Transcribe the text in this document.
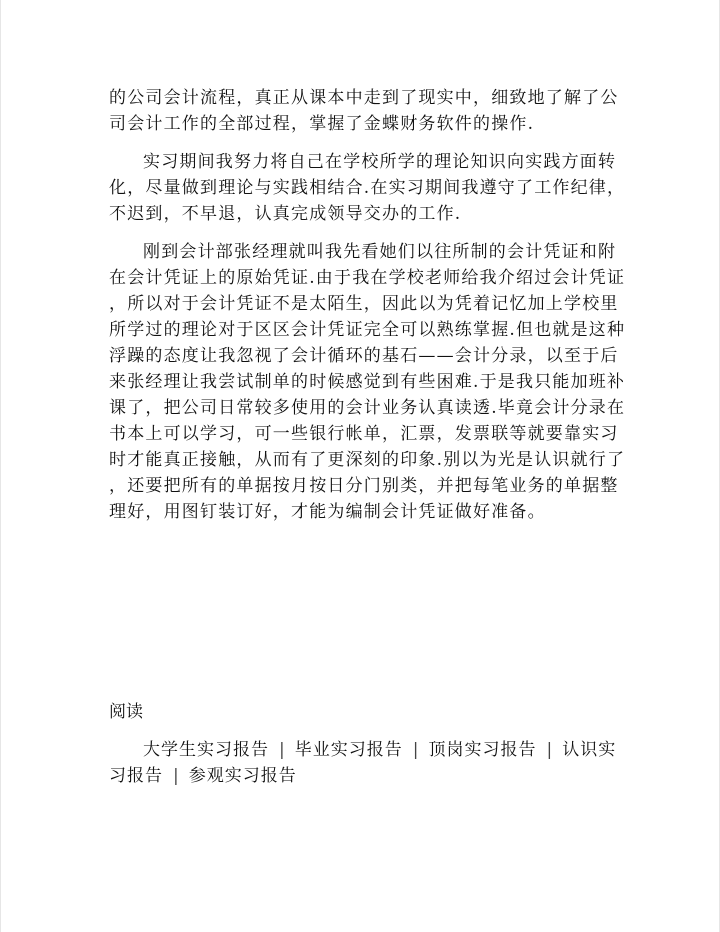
的公司会计流程，真正从课本中走到了现实中，细致地了解了公
司会计工作的全部过程，掌握了金蝶财务软件的操作.
实习期间我努力将自己在学校所学的理论知识向实践方面转
化，尽量做到理论与实践相结合.在实习期间我遵守了工作纪律，
不迟到，不早退，认真完成领导交办的工作.
刚到会计部张经理就叫我先看她们以往所制的会计凭证和附
在会计凭证上的原始凭证.由于我在学校老师给我介绍过会计凭证
，所以对于会计凭证不是太陌生，因此以为凭着记忆加上学校里
所学过的理论对于区区会计凭证完全可以熟练掌握.但也就是这种
浮躁的态度让我忽视了会计循环的基石——会计分录，以至于后
来张经理让我尝试制单的时候感觉到有些困难.于是我只能加班补
课了，把公司日常较多使用的会计业务认真读透.毕竟会计分录在
书本上可以学习，可一些银行帐单，汇票，发票联等就要靠实习
时才能真正接触，从而有了更深刻的印象.别以为光是认识就行了
，还要把所有的单据按月按日分门别类，并把每笔业务的单据整
理好，用图钉装订好，才能为编制会计凭证做好准备。
阅读
大学生实习报告 | 毕业实习报告 | 顶岗实习报告 | 认识实
习报告 | 参观实习报告
